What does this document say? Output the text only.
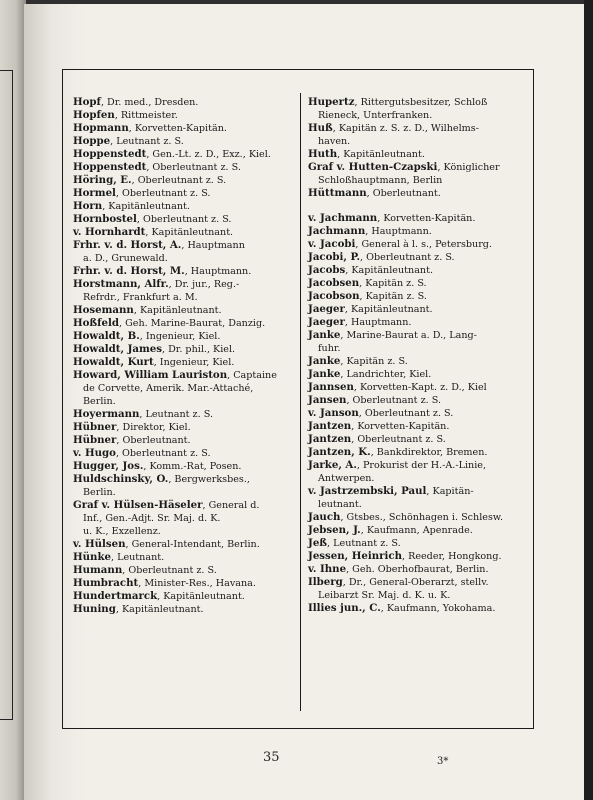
Hopf, Dr. med., Dresden.
Hopfen, Rittmeister.
Hopmann, Korvetten-Kapitän.
Hoppe, Leutnant z. S.
Hoppenstedt, Gen.-Lt. z. D., Exz., Kiel.
Hoppenstedt, Oberleutnant z. S.
Höring, E., Oberleutnant z. S.
Hormel, Oberleutnant z. S.
Horn, Kapitänleutnant.
Hornbostel, Oberleutnant z. S.
v. Hornhardt, Kapitänleutnant.
Frhr. v. d. Horst, A., Hauptmann
a. D., Grunewald.
Frhr. v. d. Horst, M., Hauptmann.
Horstmann, Alfr., Dr. jur., Reg.-
Refrdr., Frankfurt a. M.
Hosemann, Kapitänleutnant.
Hoßfeld, Geh. Marine-Baurat, Danzig.
Howaldt, B., Ingenieur, Kiel.
Howaldt, James, Dr. phil., Kiel.
Howaldt, Kurt, Ingenieur, Kiel.
Howard, William Lauriston, Captaine
de Corvette, Amerik. Mar.-Attaché,
Berlin.
Hoyermann, Leutnant z. S.
Hübner, Direktor, Kiel.
Hübner, Oberleutnant.
v. Hugo, Oberleutnant z. S.
Hugger, Jos., Komm.-Rat, Posen.
Huldschinsky, O., Bergwerksbes.,
Berlin.
Graf v. Hülsen-Häseler, General d.
Inf., Gen.-Adjt. Sr. Maj. d. K.
u. K., Exzellenz.
v. Hülsen, General-Intendant, Berlin.
Hünke, Leutnant.
Humann, Oberleutnant z. S.
Humbracht, Minister-Res., Havana.
Hundertmarck, Kapitänleutnant.
Huning, Kapitänleutnant.
Hupertz, Rittergutsbesitzer, Schloß
Rieneck, Unterfranken.
Huß, Kapitän z. S. z. D., Wilhelms-
haven.
Huth, Kapitänleutnant.
Graf v. Hutten-Czapski, Königlicher
Schloßhauptmann, Berlin
Hüttmann, Oberleutnant.
v. Jachmann, Korvetten-Kapitän.
Jachmann, Hauptmann.
v. Jacobi, General à l. s., Petersburg.
Jacobi, P., Oberleutnant z. S.
Jacobs, Kapitänleutnant.
Jacobsen, Kapitän z. S.
Jacobson, Kapitän z. S.
Jaeger, Kapitänleutnant.
Jaeger, Hauptmann.
Janke, Marine-Baurat a. D., Lang-
fuhr.
Janke, Kapitän z. S.
Janke, Landrichter, Kiel.
Jannsen, Korvetten-Kapt. z. D., Kiel
Jansen, Oberleutnant z. S.
v. Janson, Oberleutnant z. S.
Jantzen, Korvetten-Kapitän.
Jantzen, Oberleutnant z. S.
Jantzen, K., Bankdirektor, Bremen.
Jarke, A., Prokurist der H.-A.-Linie,
Antwerpen.
v. Jastrzembski, Paul, Kapitän-
leutnant.
Jauch, Gtsbes., Schönhagen i. Schlesw.
Jebsen, J., Kaufmann, Apenrade.
Jeß, Leutnant z. S.
Jessen, Heinrich, Reeder, Hongkong.
v. Ihne, Geh. Oberhofbaurat, Berlin.
Ilberg, Dr., General-Oberarzt, stellv.
Leibarzt Sr. Maj. d. K. u. K.
Illies jun., C., Kaufmann, Yokohama.
35	3*
